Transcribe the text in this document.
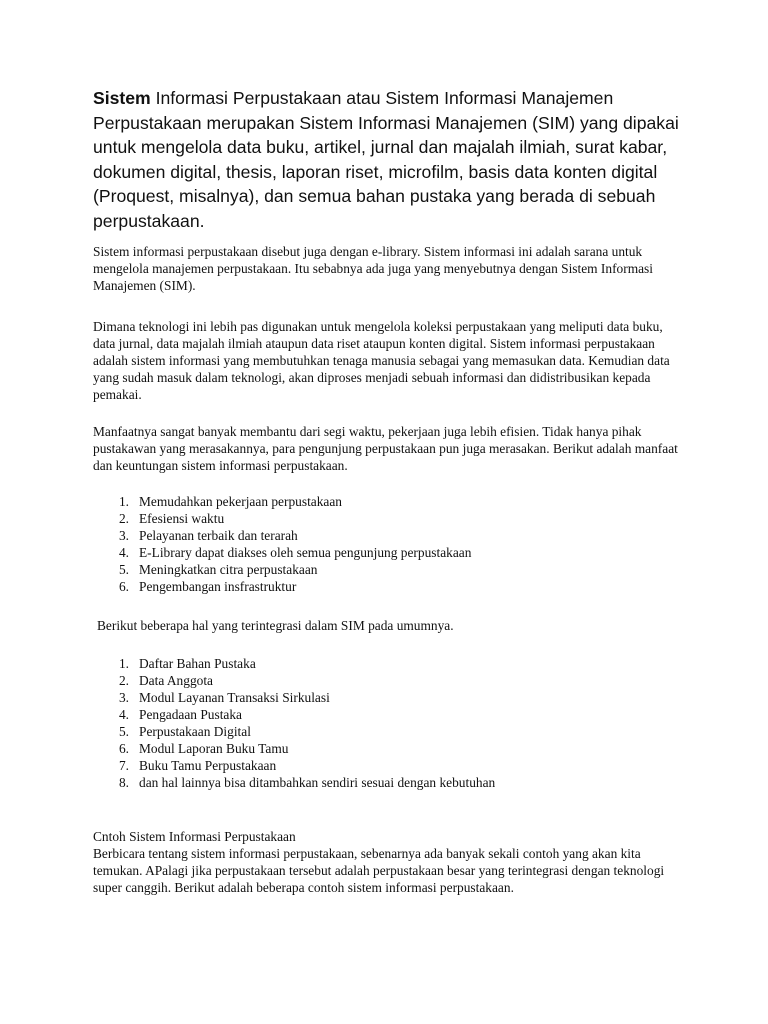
Sistem Informasi Perpustakaan atau Sistem Informasi Manajemen Perpustakaan merupakan Sistem Informasi Manajemen (SIM) yang dipakai untuk mengelola data buku, artikel, jurnal dan majalah ilmiah, surat kabar, dokumen digital, thesis, laporan riset, microfilm, basis data konten digital (Proquest, misalnya), dan semua bahan pustaka yang berada di sebuah perpustakaan.

Sistem informasi perpustakaan disebut juga dengan e-library. Sistem informasi ini adalah sarana untuk mengelola manajemen perpustakaan. Itu sebabnya ada juga yang menyebutnya dengan Sistem Informasi Manajemen (SIM).

Dimana teknologi ini lebih pas digunakan untuk mengelola koleksi perpustakaan yang meliputi data buku, data jurnal, data majalah ilmiah ataupun data riset ataupun konten digital. Sistem informasi perpustakaan adalah sistem informasi yang membutuhkan tenaga manusia sebagai yang memasukan data. Kemudian data yang sudah masuk dalam teknologi, akan diproses menjadi sebuah informasi dan didistribusikan kepada pemakai.

Manfaatnya sangat banyak membantu dari segi waktu, pekerjaan juga lebih efisien. Tidak hanya pihak pustakawan yang merasakannya, para pengunjung perpustakaan pun juga merasakan. Berikut adalah manfaat dan keuntungan sistem informasi perpustakaan.

1. Memudahkan pekerjaan perpustakaan
2. Efesiensi waktu
3. Pelayanan terbaik dan terarah
4. E-Library dapat diakses oleh semua pengunjung perpustakaan
5. Meningkatkan citra perpustakaan
6. Pengembangan insfrastruktur

Berikut beberapa hal yang terintegrasi dalam SIM pada umumnya.

1. Daftar Bahan Pustaka
2. Data Anggota
3. Modul Layanan Transaksi Sirkulasi
4. Pengadaan Pustaka
5. Perpustakaan Digital
6. Modul Laporan Buku Tamu
7. Buku Tamu Perpustakaan
8. dan hal lainnya bisa ditambahkan sendiri sesuai dengan kebutuhan
Cntoh Sistem Informasi Perpustakaan
Berbicara tentang sistem informasi perpustakaan, sebenarnya ada banyak sekali contoh yang akan kita temukan. APalagi jika perpustakaan tersebut adalah perpustakaan besar yang terintegrasi dengan teknologi super canggih. Berikut adalah beberapa contoh sistem informasi perpustakaan.
